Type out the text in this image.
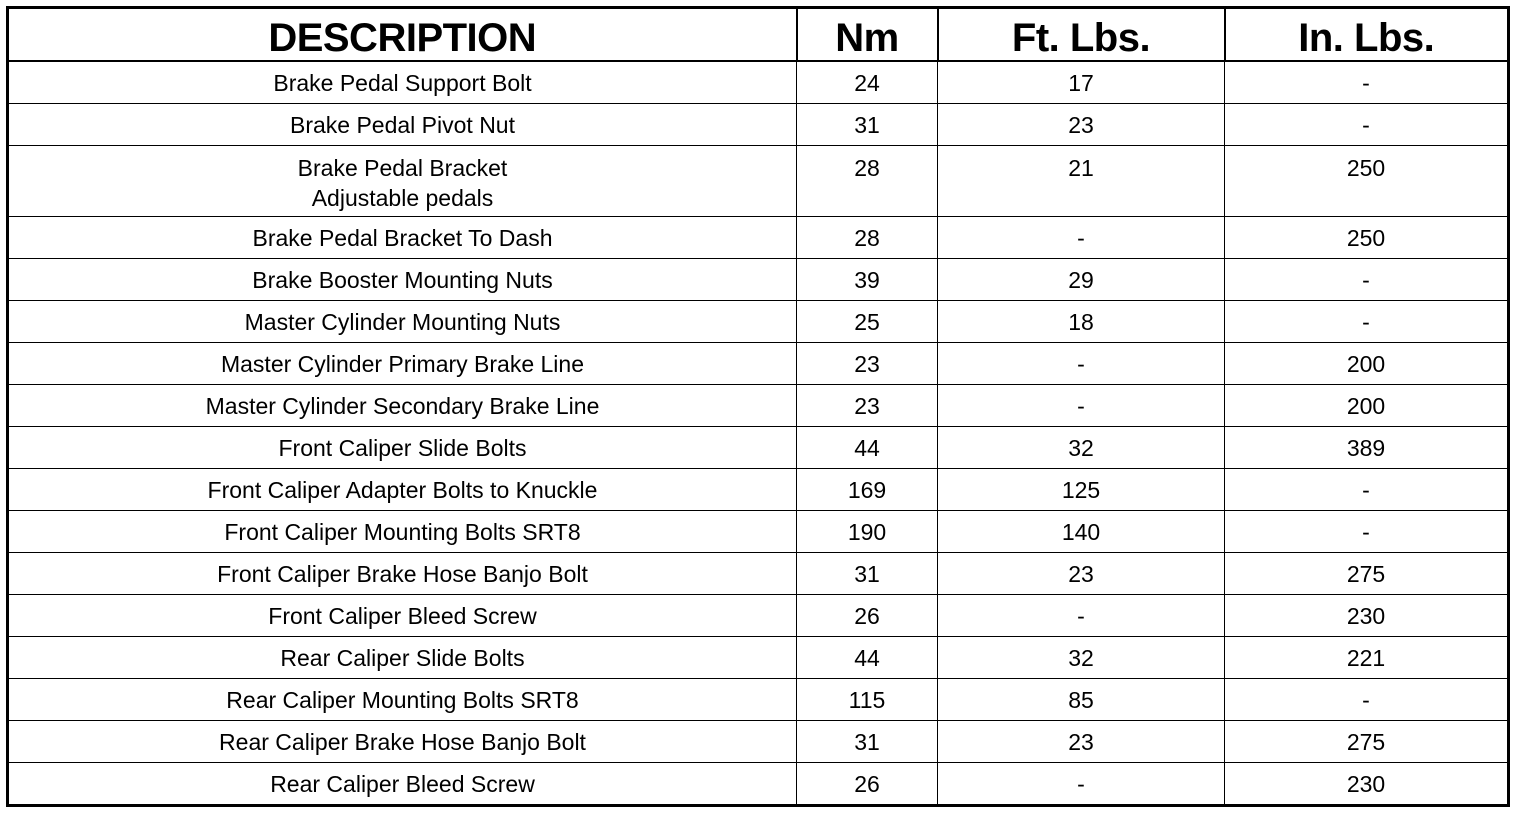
DESCRIPTION	Nm	Ft. Lbs.	In. Lbs.
Brake Pedal Support Bolt	24	17	-
Brake Pedal Pivot Nut	31	23	-

Brake Pedal Bracket
Adjustable pedals	28	21	250
Brake Pedal Bracket To Dash	28	-	250
Brake Booster Mounting Nuts	39	29	-
Master Cylinder Mounting Nuts	25	18	-
Master Cylinder Primary Brake Line	23	-	200
Master Cylinder Secondary Brake Line	23	-	200
Front Caliper Slide Bolts	44	32	389
Front Caliper Adapter Bolts to Knuckle	169	125	-
Front Caliper Mounting Bolts SRT8	190	140	-
Front Caliper Brake Hose Banjo Bolt	31	23	275
Front Caliper Bleed Screw	26	-	230
Rear Caliper Slide Bolts	44	32	221
Rear Caliper Mounting Bolts SRT8	115	85	-
Rear Caliper Brake Hose Banjo Bolt	31	23	275
Rear Caliper Bleed Screw	26	-	230
